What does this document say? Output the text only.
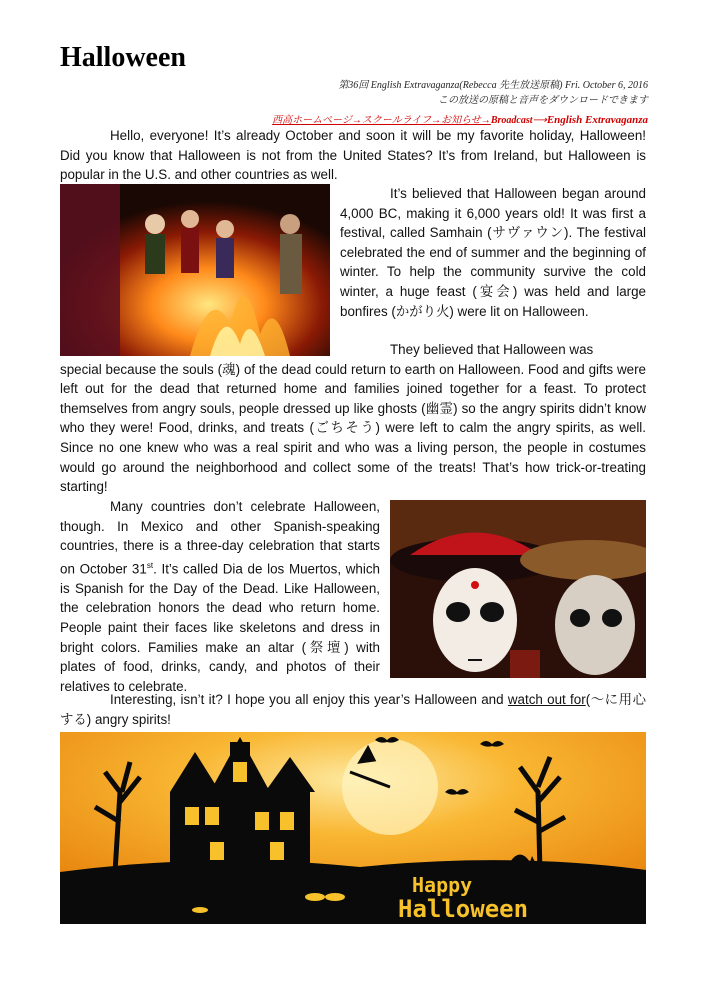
Halloween
第36回 English Extravaganza(Rebecca 先生放送原稿) Fri. October 6, 2016
この放送の原稿と音声をダウンロードできます
西高ホームページ→スクールライフ→お知らせ→Broadcast⟶English Extravaganza

Hello, everyone! It’s already October and soon it will be my favorite holiday, Halloween! Did you know that Halloween is not from the United States? It’s from Ireland, but Halloween is popular in the U.S. and other countries as well.

It’s believed that Halloween began around 4,000 BC, making it 6,000 years old! It was first a festival, called Samhain (サヴァウン). The festival celebrated the end of summer and the beginning of winter. To help the community survive the cold winter, a huge feast (宴会) was held and large bonfires (かがり火) were lit on Halloween.

They believed that Halloween was

special because the souls (魂) of the dead could return to earth on Halloween. Food and gifts were left out for the dead that returned home and families joined together for a feast. To protect themselves from angry souls, people dressed up like ghosts (幽霊) so the angry spirits didn’t know who they were! Food, drinks, and treats (ごちそう) were left to calm the angry spirits, as well. Since no one knew who was a real spirit and who was a living person, the people in costumes would go around the neighborhood and collect some of the treats! That’s how trick-or-treating starting!

Many countries don’t celebrate Halloween, though. In Mexico and other Spanish-speaking countries, there is a three-day celebration that starts on October 31st. It’s called Dia de los Muertos, which is Spanish for the Day of the Dead. Like Halloween, the celebration honors the dead who return home. People paint their faces like skeletons and dress in bright colors. Families make an altar (祭壇) with plates of food, drinks, candy, and photos of their relatives to celebrate.

Interesting, isn’t it? I hope you all enjoy this year’s Halloween and watch out for(〜に用心する) angry spirits!

Happy
Halloween
